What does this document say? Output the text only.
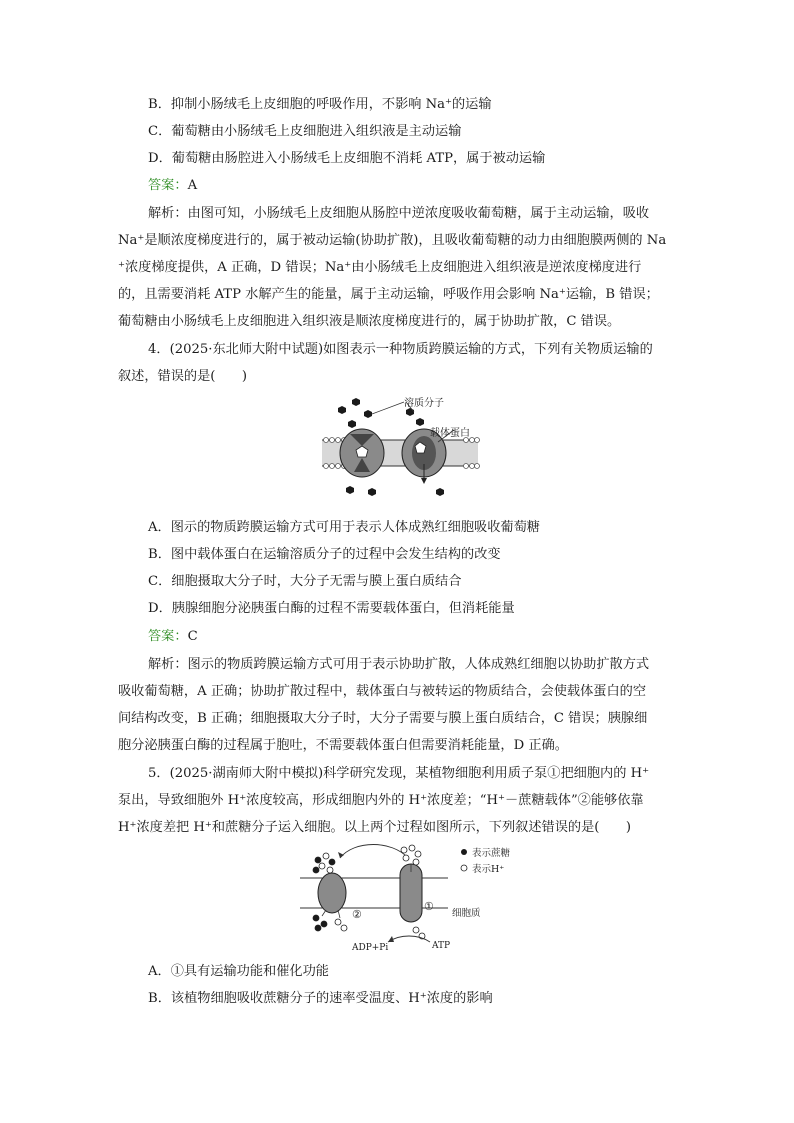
B．抑制小肠绒毛上皮细胞的呼吸作用，不影响 Na⁺的运输
C．葡萄糖由小肠绒毛上皮细胞进入组织液是主动运输
D．葡萄糖由肠腔进入小肠绒毛上皮细胞不消耗 ATP，属于被动运输
答案：A
解析：由图可知，小肠绒毛上皮细胞从肠腔中逆浓度吸收葡萄糖，属于主动运输，吸收
Na⁺是顺浓度梯度进行的，属于被动运输(协助扩散)，且吸收葡萄糖的动力由细胞膜两侧的 Na
⁺浓度梯度提供，A 正确，D 错误；Na⁺由小肠绒毛上皮细胞进入组织液是逆浓度梯度进行
的，且需要消耗 ATP 水解产生的能量，属于主动运输，呼吸作用会影响 Na⁺运输，B 错误；
葡萄糖由小肠绒毛上皮细胞进入组织液是顺浓度梯度进行的，属于协助扩散，C 错误。
4．(2025·东北师大附中试题)如图表示一种物质跨膜运输的方式，下列有关物质运输的
叙述，错误的是(　　)
溶质分子
载体蛋白
A．图示的物质跨膜运输方式可用于表示人体成熟红细胞吸收葡萄糖
B．图中载体蛋白在运输溶质分子的过程中会发生结构的改变
C．细胞摄取大分子时，大分子无需与膜上蛋白质结合
D．胰腺细胞分泌胰蛋白酶的过程不需要载体蛋白，但消耗能量
答案：C
解析：图示的物质跨膜运输方式可用于表示协助扩散，人体成熟红细胞以协助扩散方式
吸收葡萄糖，A 正确；协助扩散过程中，载体蛋白与被转运的物质结合，会使载体蛋白的空
间结构改变，B 正确；细胞摄取大分子时，大分子需要与膜上蛋白质结合，C 错误；胰腺细
胞分泌胰蛋白酶的过程属于胞吐，不需要载体蛋白但需要消耗能量，D 正确。
5．(2025·湖南师大附中模拟)科学研究发现，某植物细胞利用质子泵①把细胞内的 H⁺
泵出，导致细胞外 H⁺浓度较高，形成细胞内外的 H⁺浓度差；“H⁺－蔗糖载体”②能够依靠
H⁺浓度差把 H⁺和蔗糖分子运入细胞。以上两个过程如图所示，下列叙述错误的是(　　)
表示蔗糖
表示H⁺
细胞质
①
②
ADP+Pi	ATP
A．①具有运输功能和催化功能
B．该植物细胞吸收蔗糖分子的速率受温度、H⁺浓度的影响
